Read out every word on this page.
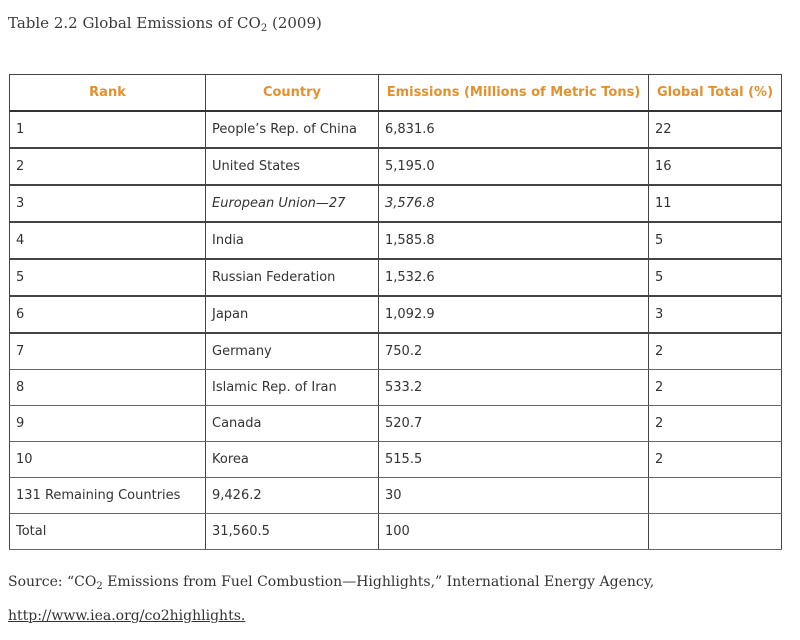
Table 2.2 Global Emissions of $CO_2$ (2009)
Rank	Country	Emissions (Millions of Metric Tons)	Global Total (%)
1	People’s Rep. of China	6,831.6	22
2	United States	5,195.0	16
3	European Union—27	3,576.8	11
4	India	1,585.8	5
5	Russian Federation	1,532.6	5
6	Japan	1,092.9	3
7	Germany	750.2	2
8	Islamic Rep. of Iran	533.2	2
9	Canada	520.7	2
10	Korea	515.5	2
131 Remaining Countries	9,426.2	30	
Total	31,560.5	100	

Source: “$CO_2$ Emissions from Fuel Combustion—Highlights,” International Energy Agency,

http://www.iea.org/co2highlights.
